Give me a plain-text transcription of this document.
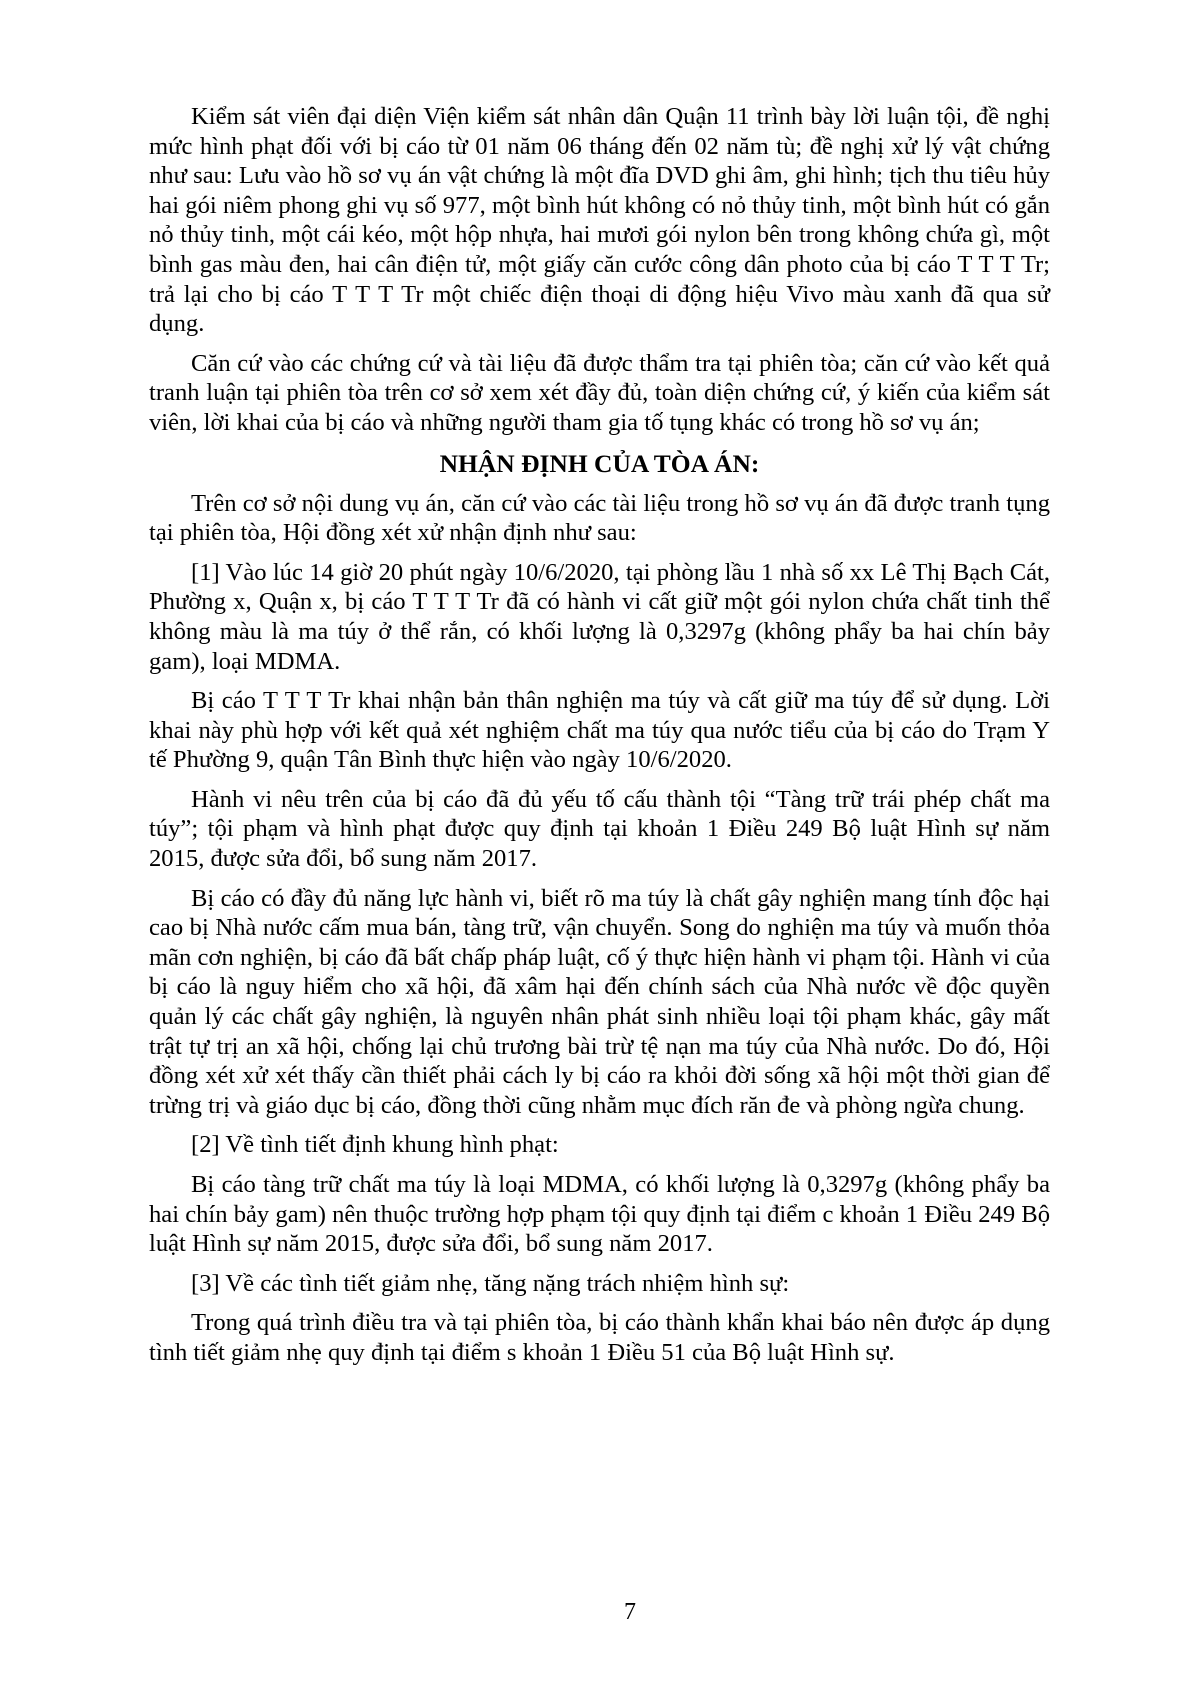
Kiểm sát viên đại diện Viện kiểm sát nhân dân Quận 11 trình bày lời luận tội, đề nghị mức hình phạt đối với bị cáo từ 01 năm 06 tháng đến 02 năm tù; đề nghị xử lý vật chứng như sau: Lưu vào hồ sơ vụ án vật chứng là một đĩa DVD ghi âm, ghi hình; tịch thu tiêu hủy hai gói niêm phong ghi vụ số 977, một bình hút không có nỏ thủy tinh, một bình hút có gắn nỏ thủy tinh, một cái kéo, một hộp nhựa, hai mươi gói nylon bên trong không chứa gì, một bình gas màu đen, hai cân điện tử, một giấy căn cước công dân photo của bị cáo T T T Tr; trả lại cho bị cáo T T T Tr một chiếc điện thoại di động hiệu Vivo màu xanh đã qua sử dụng.

Căn cứ vào các chứng cứ và tài liệu đã được thẩm tra tại phiên tòa; căn cứ vào kết quả tranh luận tại phiên tòa trên cơ sở xem xét đầy đủ, toàn diện chứng cứ, ý kiến của kiểm sát viên, lời khai của bị cáo và những người tham gia tố tụng khác có trong hồ sơ vụ án;

NHẬN ĐỊNH CỦA TÒA ÁN:

Trên cơ sở nội dung vụ án, căn cứ vào các tài liệu trong hồ sơ vụ án đã được tranh tụng tại phiên tòa, Hội đồng xét xử nhận định như sau:

[1] Vào lúc 14 giờ 20 phút ngày 10/6/2020, tại phòng lầu 1 nhà số xx Lê Thị Bạch Cát, Phường x, Quận x, bị cáo T T T Tr đã có hành vi cất giữ một gói nylon chứa chất tinh thể không màu là ma túy ở thể rắn, có khối lượng là 0,3297g (không phẩy ba hai chín bảy gam), loại MDMA.

Bị cáo T T T Tr khai nhận bản thân nghiện ma túy và cất giữ ma túy để sử dụng. Lời khai này phù hợp với kết quả xét nghiệm chất ma túy qua nước tiểu của bị cáo do Trạm Y tế Phường 9, quận Tân Bình thực hiện vào ngày 10/6/2020.

Hành vi nêu trên của bị cáo đã đủ yếu tố cấu thành tội “Tàng trữ trái phép chất ma túy”; tội phạm và hình phạt được quy định tại khoản 1 Điều 249 Bộ luật Hình sự năm 2015, được sửa đổi, bổ sung năm 2017.

Bị cáo có đầy đủ năng lực hành vi, biết rõ ma túy là chất gây nghiện mang tính độc hại cao bị Nhà nước cấm mua bán, tàng trữ, vận chuyển. Song do nghiện ma túy và muốn thỏa mãn cơn nghiện, bị cáo đã bất chấp pháp luật, cố ý thực hiện hành vi phạm tội. Hành vi của bị cáo là nguy hiểm cho xã hội, đã xâm hại đến chính sách của Nhà nước về độc quyền quản lý các chất gây nghiện, là nguyên nhân phát sinh nhiều loại tội phạm khác, gây mất trật tự trị an xã hội, chống lại chủ trương bài trừ tệ nạn ma túy của Nhà nước. Do đó, Hội đồng xét xử xét thấy cần thiết phải cách ly bị cáo ra khỏi đời sống xã hội một thời gian để trừng trị và giáo dục bị cáo, đồng thời cũng nhằm mục đích răn đe và phòng ngừa chung.

[2] Về tình tiết định khung hình phạt:

Bị cáo tàng trữ chất ma túy là loại MDMA, có khối lượng là 0,3297g (không phẩy ba hai chín bảy gam) nên thuộc trường hợp phạm tội quy định tại điểm c khoản 1 Điều 249 Bộ luật Hình sự năm 2015, được sửa đổi, bổ sung năm 2017.

[3] Về các tình tiết giảm nhẹ, tăng nặng trách nhiệm hình sự:

Trong quá trình điều tra và tại phiên tòa, bị cáo thành khẩn khai báo nên được áp dụng tình tiết giảm nhẹ quy định tại điểm s khoản 1 Điều 51 của Bộ luật Hình sự.

7
